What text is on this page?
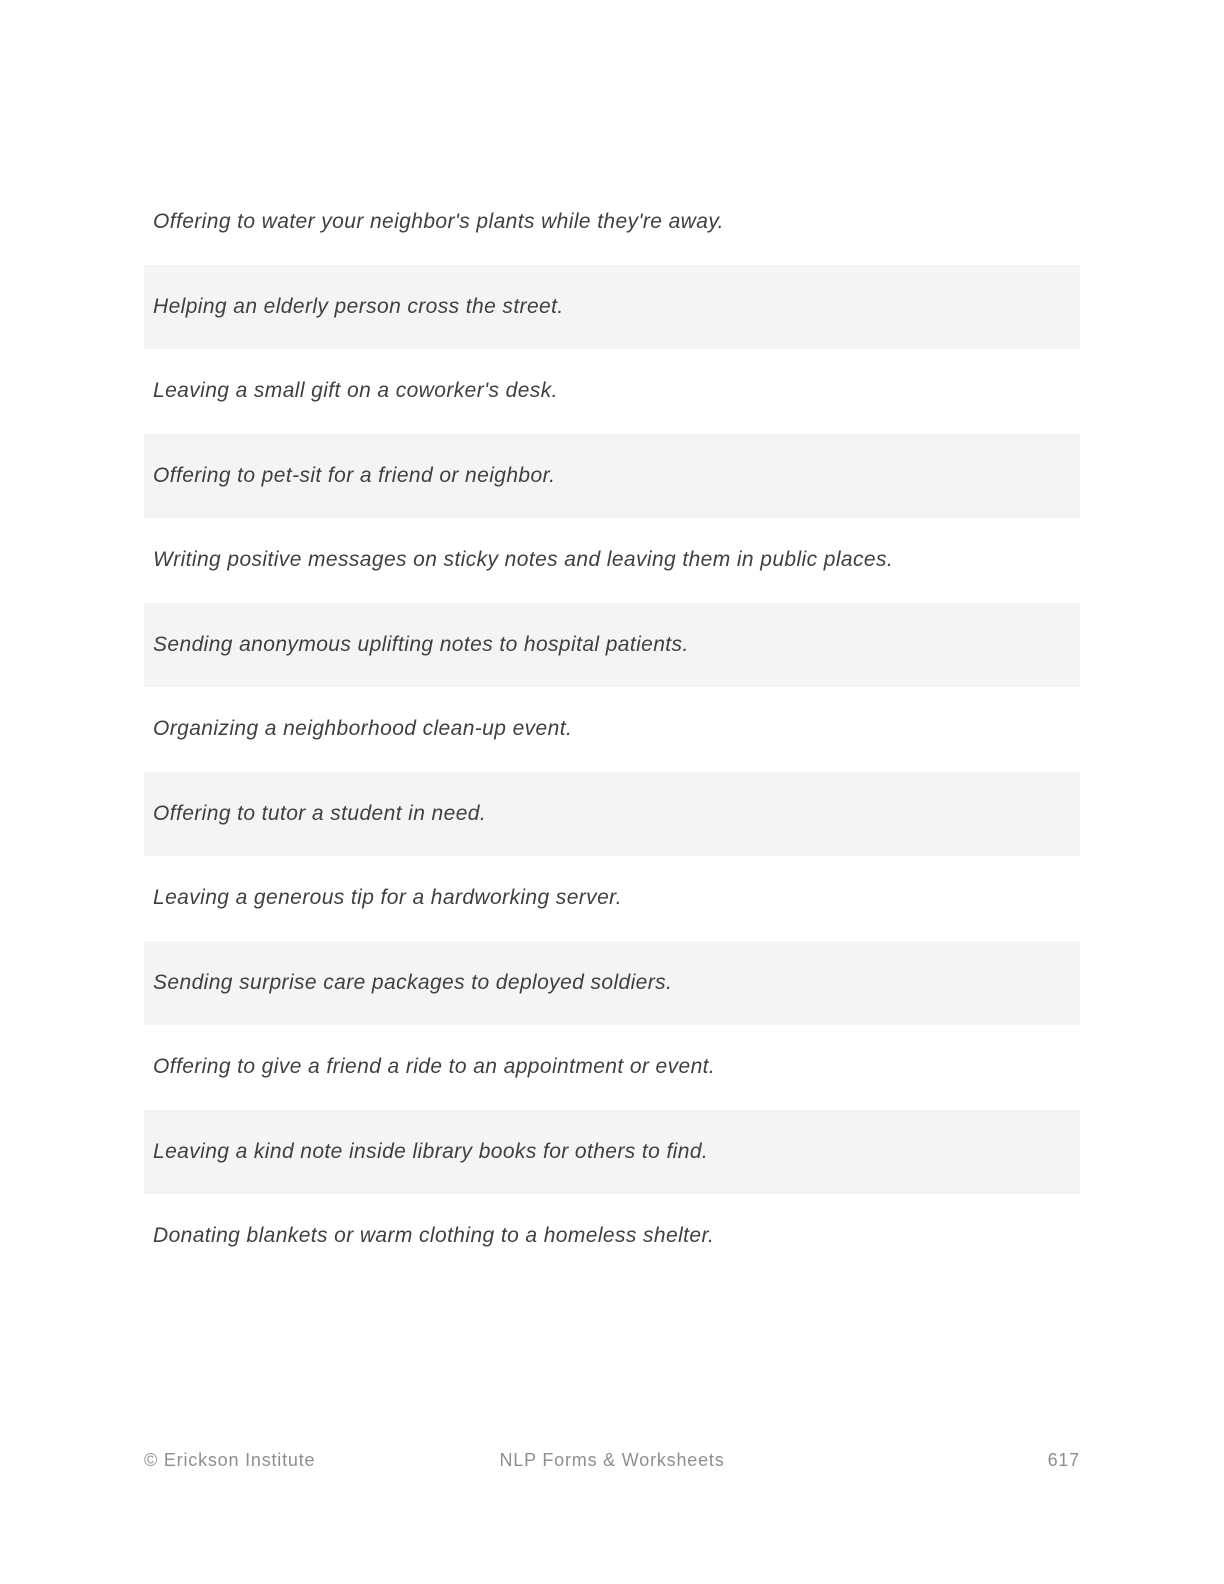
Offering to water your neighbor's plants while they're away.
Helping an elderly person cross the street.
Leaving a small gift on a coworker's desk.
Offering to pet-sit for a friend or neighbor.
Writing positive messages on sticky notes and leaving them in public places.
Sending anonymous uplifting notes to hospital patients.
Organizing a neighborhood clean-up event.
Offering to tutor a student in need.
Leaving a generous tip for a hardworking server.
Sending surprise care packages to deployed soldiers.
Offering to give a friend a ride to an appointment or event.
Leaving a kind note inside library books for others to find.
Donating blankets or warm clothing to a homeless shelter.
© Erickson Institute	NLP Forms & Worksheets	617
